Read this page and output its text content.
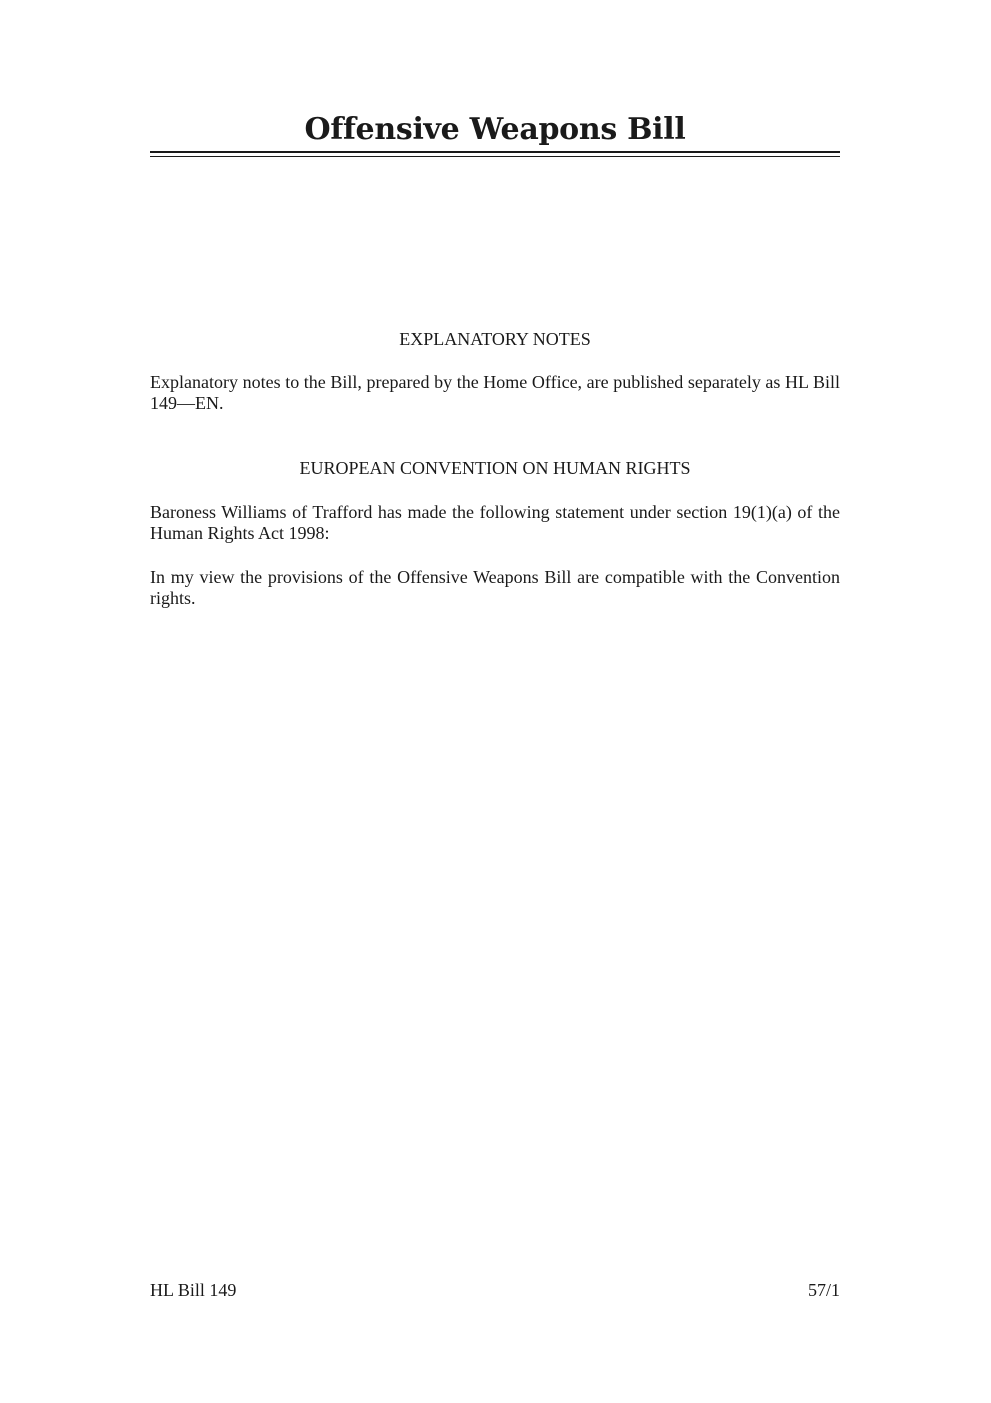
Offensive Weapons Bill
EXPLANATORY NOTES

Explanatory notes to the Bill, prepared by the Home Office, are published separately as HL Bill 149—EN.

EUROPEAN CONVENTION ON HUMAN RIGHTS

Baroness Williams of Trafford has made the following statement under section 19(1)(a) of the Human Rights Act 1998:

In my view the provisions of the Offensive Weapons Bill are compatible with the Convention rights.

HL Bill 149	57/1
